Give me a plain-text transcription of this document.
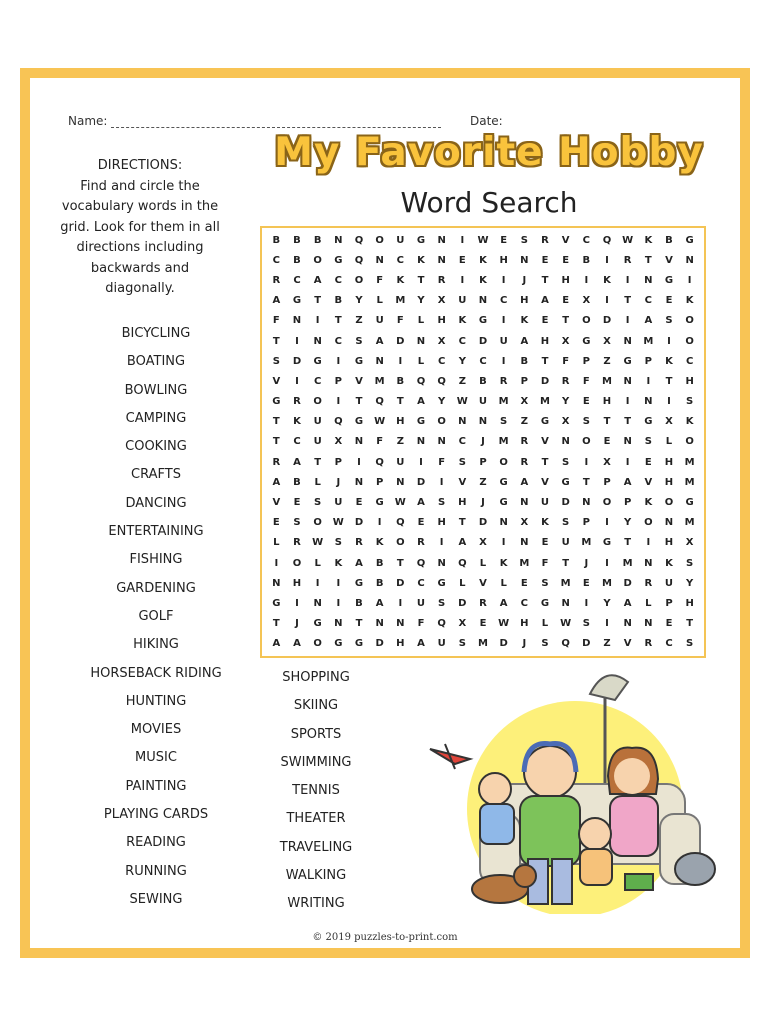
Name:	Date:
DIRECTIONS:
Find and circle the vocabulary words in the grid. Look for them in all directions including backwards and diagonally.
My Favorite Hobby
Word Search
B	B	B	N	Q	O	U	G	N	I	W	E	S	R	V	C	Q	W	K	B	G
C	B	O	G	Q	N	C	K	N	E	K	H	N	E	E	B	I	R	T	V	N
R	C	A	C	O	F	K	T	R	I	K	I	J	T	H	I	K	I	N	G	I
A	G	T	B	Y	L	M	Y	X	U	N	C	H	A	E	X	I	T	C	E	K
F	N	I	T	Z	U	F	L	H	K	G	I	K	E	T	O	D	I	A	S	O
T	I	N	C	S	A	D	N	X	C	D	U	A	H	X	G	X	N	M	I	O
S	D	G	I	G	N	I	L	C	Y	C	I	B	T	F	P	Z	G	P	K	C
V	I	C	P	V	M	B	Q	Q	Z	B	R	P	D	R	F	M	N	I	T	H
G	R	O	I	T	Q	T	A	Y	W	U	M	X	M	Y	E	H	I	N	I	S
T	K	U	Q	G	W	H	G	O	N	N	S	Z	G	X	S	T	T	G	X	K
T	C	U	X	N	F	Z	N	N	C	J	M	R	V	N	O	E	N	S	L	O
R	A	T	P	I	Q	U	I	F	S	P	O	R	T	S	I	X	I	E	H	M
A	B	L	J	N	P	N	D	I	V	Z	G	A	V	G	T	P	A	V	H	M
V	E	S	U	E	G	W	A	S	H	J	G	N	U	D	N	O	P	K	O	G
E	S	O	W	D	I	Q	E	H	T	D	N	X	K	S	P	I	Y	O	N	M
L	R	W	S	R	K	O	R	I	A	X	I	N	E	U	M	G	T	I	H	X
I	O	L	K	A	B	T	Q	N	Q	L	K	M	F	T	J	I	M	N	K	S
N	H	I	I	G	B	D	C	G	L	V	L	E	S	M	E	M	D	R	U	Y
G	I	N	I	B	A	I	U	S	D	R	A	C	G	N	I	Y	A	L	P	H
T	J	G	N	T	N	N	F	Q	X	E	W	H	L	W	S	I	N	N	E	T
A	A	O	G	G	D	H	A	U	S	M	D	J	S	Q	D	Z	V	R	C	S
BICYCLING
BOATING
BOWLING
CAMPING
COOKING
CRAFTS
DANCING
ENTERTAINING
FISHING
GARDENING
GOLF
HIKING
HORSEBACK RIDING
HUNTING
MOVIES
MUSIC
PAINTING
PLAYING CARDS
READING
RUNNING
SEWING
SHOPPING
SKIING
SPORTS
SWIMMING
TENNIS
THEATER
TRAVELING
WALKING
WRITING
© 2019 puzzles-to-print.com
